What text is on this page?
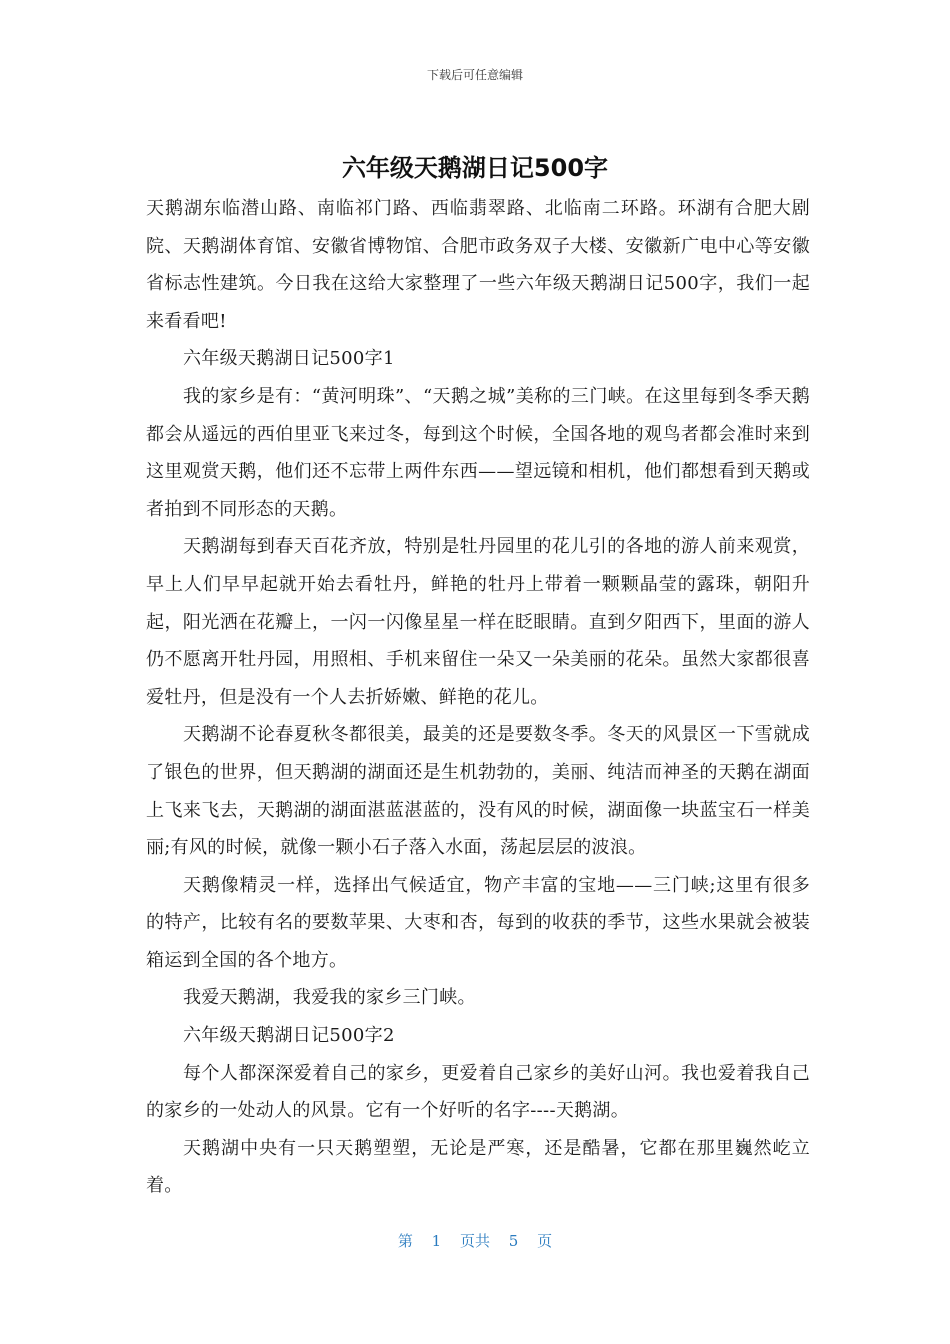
下载后可任意编辑
六年级天鹅湖日记500字

天鹅湖东临潜山路、南临祁门路、西临翡翠路、北临南二环路。环湖有合肥大剧院、天鹅湖体育馆、安徽省博物馆、合肥市政务双子大楼、安徽新广电中心等安徽省标志性建筑。今日我在这给大家整理了一些六年级天鹅湖日记500字，我们一起来看看吧!

六年级天鹅湖日记500字1

我的家乡是有：“黄河明珠”、“天鹅之城”美称的三门峡。在这里每到冬季天鹅都会从遥远的西伯里亚飞来过冬，每到这个时候，全国各地的观鸟者都会准时来到这里观赏天鹅，他们还不忘带上两件东西——望远镜和相机，他们都想看到天鹅或者拍到不同形态的天鹅。

天鹅湖每到春天百花齐放，特别是牡丹园里的花儿引的各地的游人前来观赏，早上人们早早起就开始去看牡丹，鲜艳的牡丹上带着一颗颗晶莹的露珠，朝阳升起，阳光洒在花瓣上，一闪一闪像星星一样在眨眼睛。直到夕阳西下，里面的游人仍不愿离开牡丹园，用照相、手机来留住一朵又一朵美丽的花朵。虽然大家都很喜爱牡丹，但是没有一个人去折娇嫩、鲜艳的花儿。

天鹅湖不论春夏秋冬都很美，最美的还是要数冬季。冬天的风景区一下雪就成了银色的世界，但天鹅湖的湖面还是生机勃勃的，美丽、纯洁而神圣的天鹅在湖面上飞来飞去，天鹅湖的湖面湛蓝湛蓝的，没有风的时候，湖面像一块蓝宝石一样美丽;有风的时候，就像一颗小石子落入水面，荡起层层的波浪。

天鹅像精灵一样，选择出气候适宜，物产丰富的宝地——三门峡;这里有很多的特产，比较有名的要数苹果、大枣和杏，每到的收获的季节，这些水果就会被装箱运到全国的各个地方。

我爱天鹅湖，我爱我的家乡三门峡。

六年级天鹅湖日记500字2

每个人都深深爱着自己的家乡，更爱着自己家乡的美好山河。我也爱着我自己的家乡的一处动人的风景。它有一个好听的名字----天鹅湖。

天鹅湖中央有一只天鹅塑塑，无论是严寒，还是酷暑，它都在那里巍然屹立着。

第 1 页共 5 页
